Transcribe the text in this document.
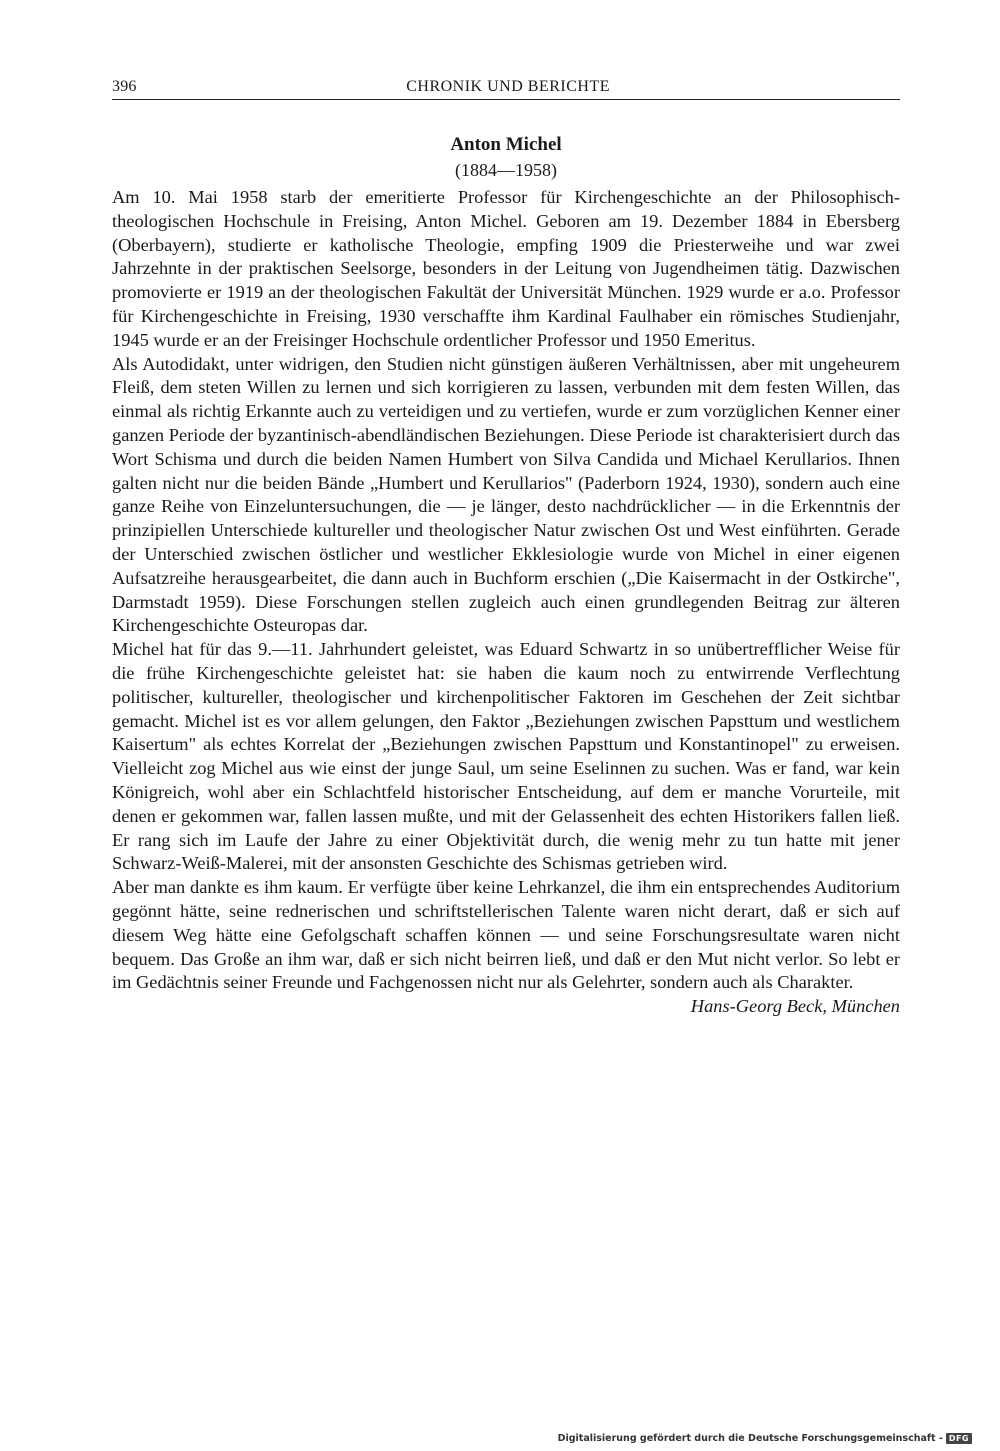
396	CHRONIK UND BERICHTE
Anton Michel
(1884—1958)

Am 10. Mai 1958 starb der emeritierte Professor für Kirchengeschichte an der Philosophisch-theologischen Hochschule in Freising, Anton Michel. Geboren am 19. Dezember 1884 in Ebersberg (Oberbayern), studierte er katholische Theologie, empfing 1909 die Priesterweihe und war zwei Jahrzehnte in der praktischen Seelsorge, besonders in der Leitung von Jugendheimen tätig. Dazwischen promovierte er 1919 an der theologischen Fakultät der Universität München. 1929 wurde er a.o. Professor für Kirchengeschichte in Freising, 1930 verschaffte ihm Kardinal Faulhaber ein römisches Studienjahr, 1945 wurde er an der Freisinger Hochschule ordentlicher Professor und 1950 Emeritus.

Als Autodidakt, unter widrigen, den Studien nicht günstigen äußeren Verhältnissen, aber mit ungeheurem Fleiß, dem steten Willen zu lernen und sich korrigieren zu lassen, verbunden mit dem festen Willen, das einmal als richtig Erkannte auch zu verteidigen und zu vertiefen, wurde er zum vorzüglichen Kenner einer ganzen Periode der byzantinisch-abendländischen Beziehungen. Diese Periode ist charakterisiert durch das Wort Schisma und durch die beiden Namen Humbert von Silva Candida und Michael Kerullarios. Ihnen galten nicht nur die beiden Bände „Humbert und Kerullarios" (Paderborn 1924, 1930), sondern auch eine ganze Reihe von Einzeluntersuchungen, die — je länger, desto nachdrücklicher — in die Erkenntnis der prinzipiellen Unterschiede kultureller und theologischer Natur zwischen Ost und West einführten. Gerade der Unterschied zwischen östlicher und westlicher Ekklesiologie wurde von Michel in einer eigenen Aufsatzreihe herausgearbeitet, die dann auch in Buchform erschien („Die Kaisermacht in der Ostkirche", Darmstadt 1959). Diese Forschungen stellen zugleich auch einen grundlegenden Beitrag zur älteren Kirchengeschichte Osteuropas dar.

Michel hat für das 9.—11. Jahrhundert geleistet, was Eduard Schwartz in so unübertrefflicher Weise für die frühe Kirchengeschichte geleistet hat: sie haben die kaum noch zu entwirrende Verflechtung politischer, kultureller, theologischer und kirchenpolitischer Faktoren im Geschehen der Zeit sichtbar gemacht. Michel ist es vor allem gelungen, den Faktor „Beziehungen zwischen Papsttum und westlichem Kaisertum" als echtes Korrelat der „Beziehungen zwischen Papsttum und Konstantinopel" zu erweisen. Vielleicht zog Michel aus wie einst der junge Saul, um seine Eselinnen zu suchen. Was er fand, war kein Königreich, wohl aber ein Schlachtfeld historischer Entscheidung, auf dem er manche Vorurteile, mit denen er gekommen war, fallen lassen mußte, und mit der Gelassenheit des echten Historikers fallen ließ. Er rang sich im Laufe der Jahre zu einer Objektivität durch, die wenig mehr zu tun hatte mit jener Schwarz-Weiß-Malerei, mit der ansonsten Geschichte des Schismas getrieben wird.

Aber man dankte es ihm kaum. Er verfügte über keine Lehrkanzel, die ihm ein entsprechendes Auditorium gegönnt hätte, seine rednerischen und schriftstellerischen Talente waren nicht derart, daß er sich auf diesem Weg hätte eine Gefolgschaft schaffen können — und seine Forschungsresultate waren nicht bequem. Das Große an ihm war, daß er sich nicht beirren ließ, und daß er den Mut nicht verlor. So lebt er im Gedächtnis seiner Freunde und Fachgenossen nicht nur als Gelehrter, sondern auch als Charakter.
Hans-Georg Beck, München

Digitalisierung gefördert durch die Deutsche Forschungsgemeinschaft - DFG
